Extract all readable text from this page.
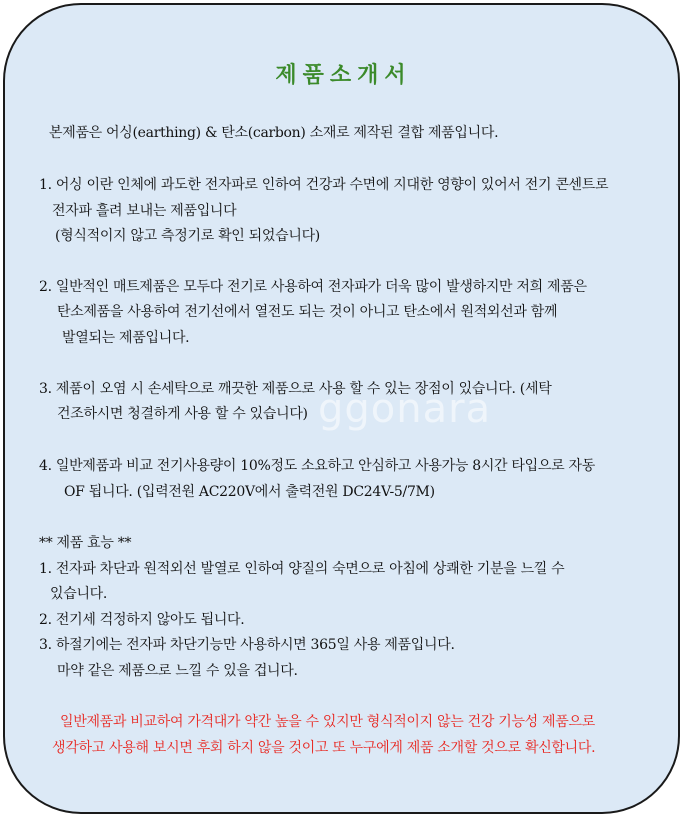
ggonara
제품소개서
본제품은 어싱(earthing) & 탄소(carbon) 소재로 제작된 결합 제품입니다.
1. 어싱 이란 인체에 과도한 전자파로 인하여 건강과 수면에 지대한 영향이 있어서 전기 콘센트로
전자파 흘려 보내는 제품입니다
(형식적이지 않고 측정기로 확인 되었습니다)
2. 일반적인 매트제품은 모두다 전기로 사용하여 전자파가 더욱 많이 발생하지만 저희 제품은
탄소제품을 사용하여 전기선에서 열전도 되는 것이 아니고 탄소에서 원적외선과 함께
발열되는 제품입니다.
3. 제품이 오염 시 손세탁으로 깨끗한 제품으로 사용 할 수 있는 장점이 있습니다. (세탁
건조하시면 청결하게 사용 할 수 있습니다)
4. 일반제품과 비교 전기사용량이 10%정도 소요하고 안심하고 사용가능 8시간 타입으로 자동
OF 됩니다. (입력전원 AC220V에서 출력전원 DC24V-5/7M)
** 제품 효능 **
1. 전자파 차단과 원적외선 발열로 인하여 양질의 숙면으로 아침에 상쾌한 기분을 느낄 수
있습니다.
2. 전기세 걱정하지 않아도 됩니다.
3. 하절기에는 전자파 차단기능만 사용하시면 365일 사용 제품입니다.
마약 같은 제품으로 느낄 수 있을 겁니다.
일반제품과 비교하여 가격대가 약간 높을 수 있지만 형식적이지 않는 건강 기능성 제품으로
생각하고 사용해 보시면 후회 하지 않을 것이고 또 누구에게 제품 소개할 것으로 확신합니다.
